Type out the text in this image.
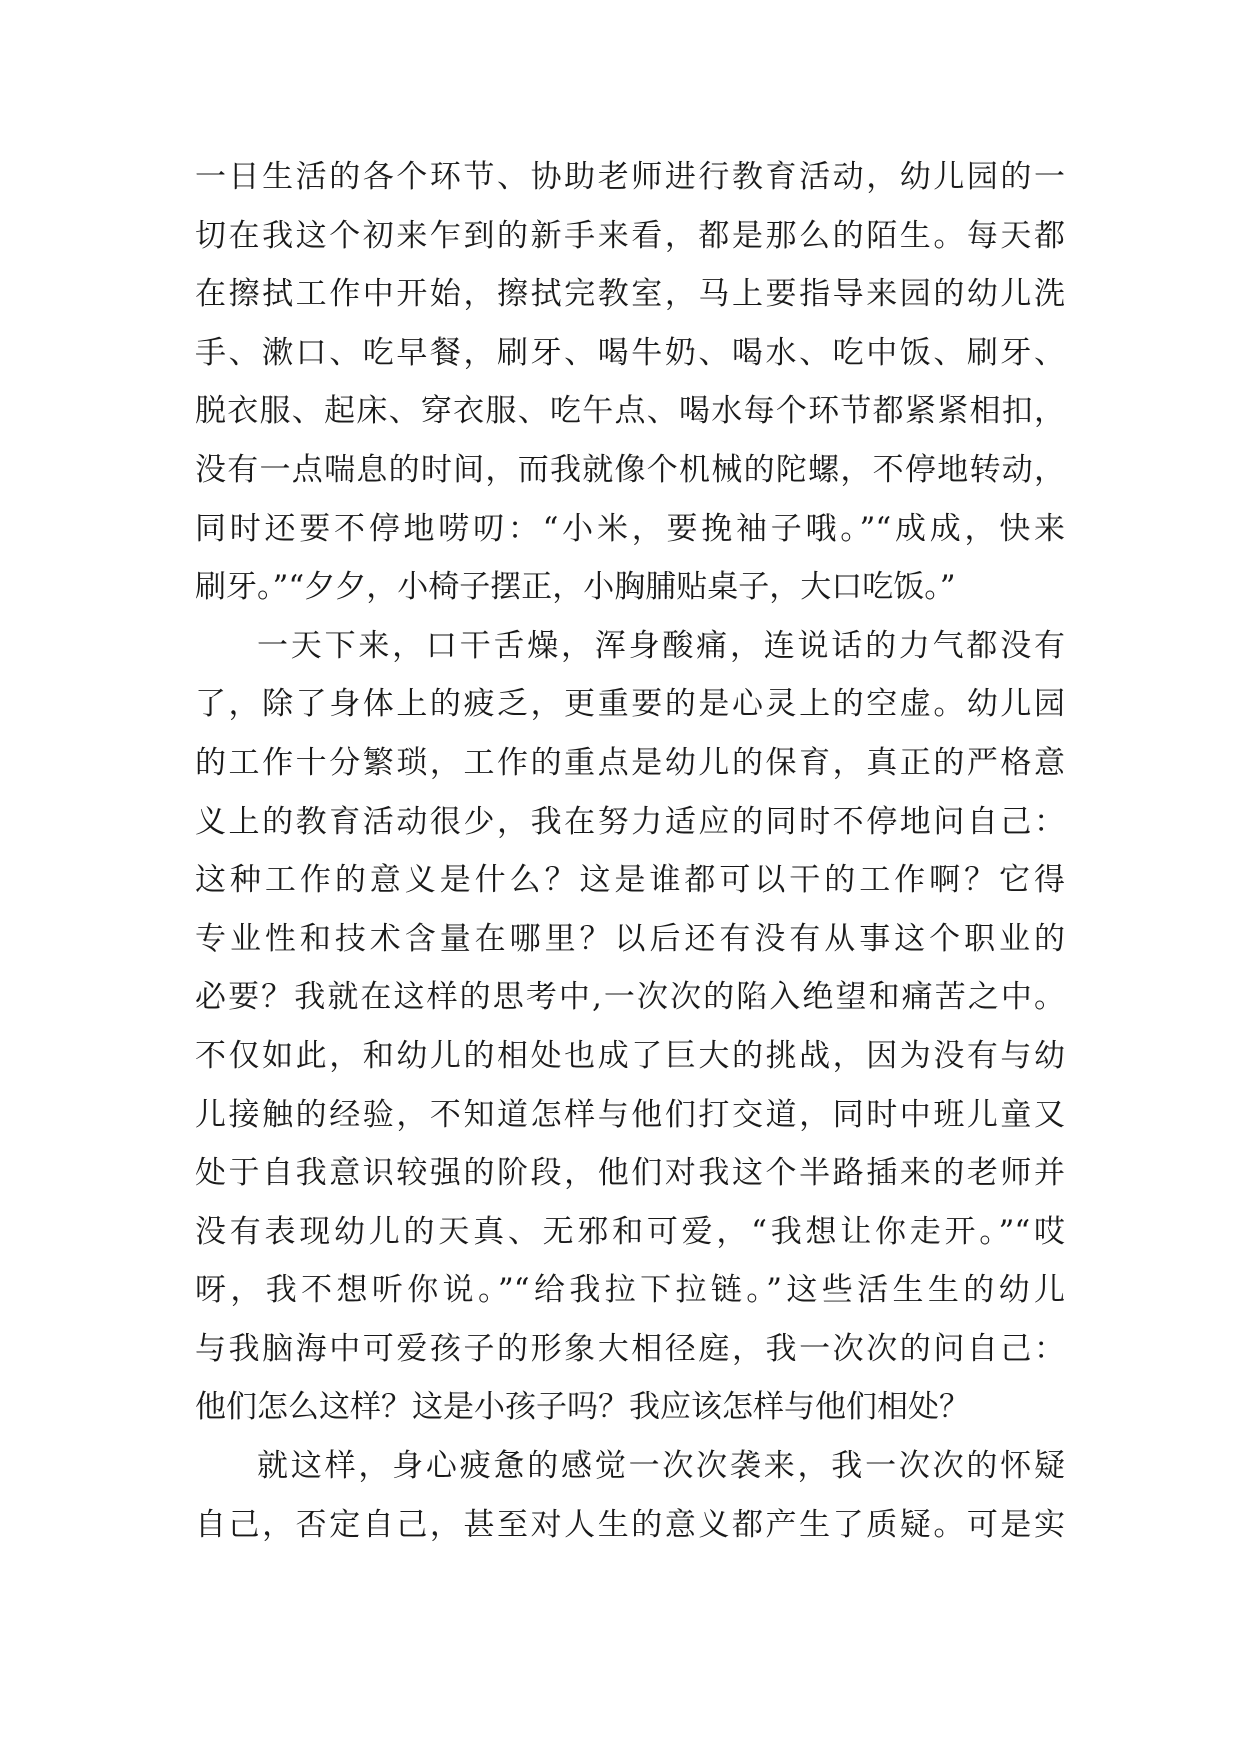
一日生活的各个环节、协助老师进行教育活动，幼儿园的一
切在我这个初来乍到的新手来看，都是那么的陌生。每天都
在擦拭工作中开始，擦拭完教室，马上要指导来园的幼儿洗
手、漱口、吃早餐，刷牙、喝牛奶、喝水、吃中饭、刷牙、
脱衣服、起床、穿衣服、吃午点、喝水每个环节都紧紧相扣，
没有一点喘息的时间，而我就像个机械的陀螺，不停地转动，
同时还要不停地唠叨：“小米，要挽袖子哦。”“成成，快来
刷牙。”“夕夕，小椅子摆正，小胸脯贴桌子，大口吃饭。”
一天下来，口干舌燥，浑身酸痛，连说话的力气都没有
了，除了身体上的疲乏，更重要的是心灵上的空虚。幼儿园
的工作十分繁琐，工作的重点是幼儿的保育，真正的严格意
义上的教育活动很少，我在努力适应的同时不停地问自己：
这种工作的意义是什么？这是谁都可以干的工作啊？它得
专业性和技术含量在哪里？以后还有没有从事这个职业的
必要？我就在这样的思考中,一次次的陷入绝望和痛苦之中。
不仅如此，和幼儿的相处也成了巨大的挑战，因为没有与幼
儿接触的经验，不知道怎样与他们打交道，同时中班儿童又
处于自我意识较强的阶段，他们对我这个半路插来的老师并
没有表现幼儿的天真、无邪和可爱，“我想让你走开。”“哎
呀，我不想听你说。”“给我拉下拉链。”这些活生生的幼儿
与我脑海中可爱孩子的形象大相径庭，我一次次的问自己：
他们怎么这样？这是小孩子吗？我应该怎样与他们相处？
就这样，身心疲惫的感觉一次次袭来，我一次次的怀疑
自己，否定自己，甚至对人生的意义都产生了质疑。可是实
